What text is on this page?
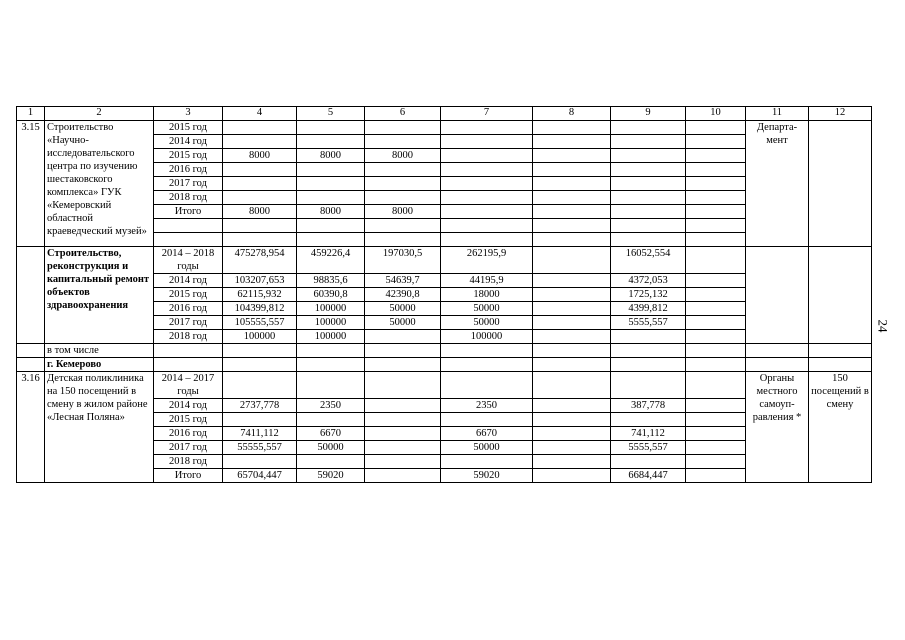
1	2	3	4	5	6	7	8	9	10	11	12
3.15	Строительство «Научно-исследовательского центра по изучению шестаковского комплекса» ГУК «Кемеровский областной краеведческий музей»	2015 год								Департа-мент	
		2014 год									
		2015 год	8000	8000	8000						
		2016 год									
		2017 год									
		2018 год									
		Итого	8000	8000	8000						

	Строительство, реконструкция и капитальный ремонт объектов здравоохранения	2014 – 2018 годы	475278,954	459226,4	197030,5	262195,9		16052,554			
		2014 год	103207,653	98835,6	54639,7	44195,9		4372,053			
		2015 год	62115,932	60390,8	42390,8	18000		1725,132			
		2016 год	104399,812	100000	50000	50000		4399,812			
		2017 год	105555,557	100000	50000	50000		5555,557			
		2018 год	100000	100000		100000					
	в том числе										
	г. Кемерово										
3.16	Детская поликлиника на 150 посещений в смену в жилом районе «Лесная Поляна»	2014 – 2017 годы								Органы местного самоуп-равления *	150 посещений в смену
		2014 год	2737,778	2350		2350		387,778			
		2015 год									
		2016 год	7411,112	6670		6670		741,112			
		2017 год	55555,557	50000		50000		5555,557			
		2018 год									
		Итого	65704,447	59020		59020		6684,447			
24
